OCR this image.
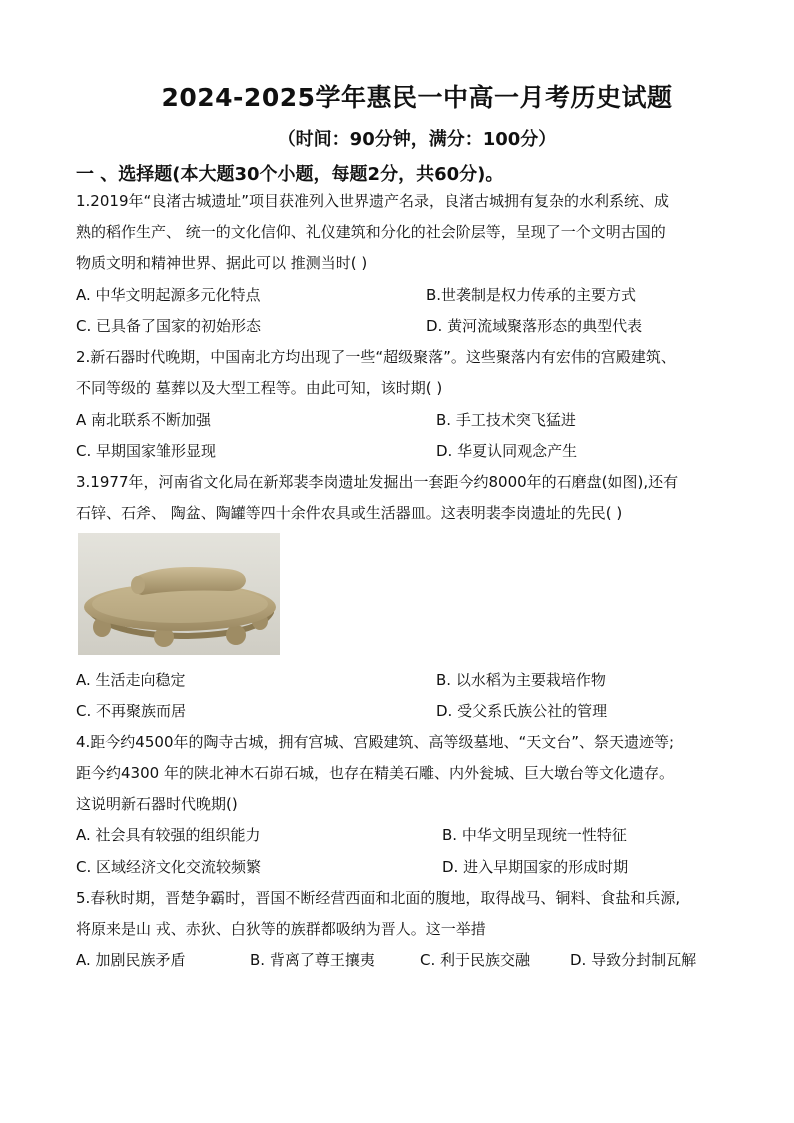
2024-2025学年惠民一中高一月考历史试题
（时间：90分钟，满分：100分）
一 、选择题(本大题30个小题，每题2分，共60分)。
1.2019年“良渚古城遗址”项目获准列入世界遗产名录，良渚古城拥有复杂的水利系统、成
熟的稻作生产、 统一的文化信仰、礼仪建筑和分化的社会阶层等，呈现了一个文明古国的
物质文明和精神世界、据此可以 推测当时( )
A. 中华文明起源多元化特点	B.世袭制是权力传承的主要方式
C. 已具备了国家的初始形态	D. 黄河流域聚落形态的典型代表
2.新石器时代晚期，中国南北方均出现了一些“超级聚落”。这些聚落内有宏伟的宫殿建筑、
不同等级的 墓葬以及大型工程等。由此可知，该时期( )
A 南北联系不断加强	B. 手工技术突飞猛进
C. 早期国家雏形显现	D. 华夏认同观念产生
3.1977年，河南省文化局在新郑裴李岗遗址发掘出一套距今约8000年的石磨盘(如图),还有
石锌、石斧、 陶盆、陶罐等四十余件农具或生活器皿。这表明裴李岗遗址的先民( )
A. 生活走向稳定	B. 以水稻为主要栽培作物
C. 不再聚族而居	D. 受父系氏族公社的管理
4.距今约4500年的陶寺古城，拥有宫城、宫殿建筑、高等级墓地、“天文台”、祭天遗迹等;
距今约4300 年的陕北神木石峁石城，也存在精美石雕、内外瓮城、巨大墩台等文化遗存。
这说明新石器时代晚期()
A. 社会具有较强的组织能力	B. 中华文明呈现统一性特征
C. 区域经济文化交流较频繁	D. 进入早期国家的形成时期
5.春秋时期，晋楚争霸时，晋国不断经营西面和北面的腹地，取得战马、铜料、食盐和兵源,
将原来是山 戎、赤狄、白狄等的族群都吸纳为晋人。这一举措
A. 加剧民族矛盾	B. 背离了尊王攘夷	C. 利于民族交融	D. 导致分封制瓦解
